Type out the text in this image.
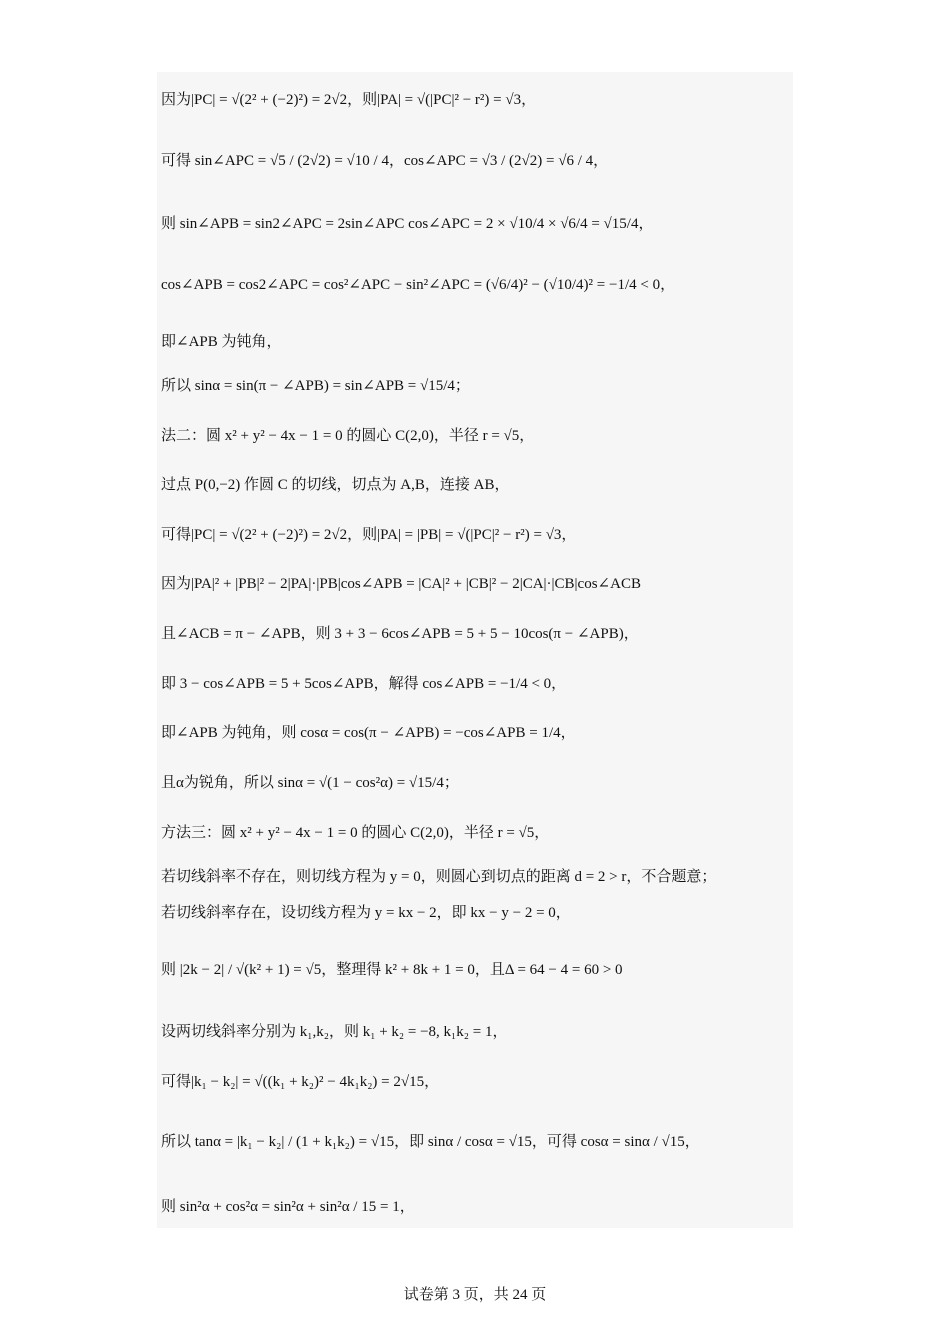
因为|PC| = √(2² + (−2)²) = 2√2，则|PA| = √(|PC|² − r²) = √3，
可得 sin∠APC = √5 / (2√2) = √10 / 4，cos∠APC = √3 / (2√2) = √6 / 4，
则 sin∠APB = sin2∠APC = 2sin∠APC cos∠APC = 2 × √10/4 × √6/4 = √15/4，
cos∠APB = cos2∠APC = cos²∠APC − sin²∠APC = (√6/4)² − (√10/4)² = −1/4 < 0，
即∠APB 为钝角，
所以 sinα = sin(π − ∠APB) = sin∠APB = √15/4；
法二：圆 x² + y² − 4x − 1 = 0 的圆心 C(2,0)，半径 r = √5，
过点 P(0,−2) 作圆 C 的切线，切点为 A,B，连接 AB，
可得|PC| = √(2² + (−2)²) = 2√2，则|PA| = |PB| = √(|PC|² − r²) = √3，
因为|PA|² + |PB|² − 2|PA|·|PB|cos∠APB = |CA|² + |CB|² − 2|CA|·|CB|cos∠ACB
且∠ACB = π − ∠APB，则 3 + 3 − 6cos∠APB = 5 + 5 − 10cos(π − ∠APB)，
即 3 − cos∠APB = 5 + 5cos∠APB，解得 cos∠APB = −1/4 < 0，
即∠APB 为钝角，则 cosα = cos(π − ∠APB) = −cos∠APB = 1/4，
且α为锐角，所以 sinα = √(1 − cos²α) = √15/4；
方法三：圆 x² + y² − 4x − 1 = 0 的圆心 C(2,0)，半径 r = √5，
若切线斜率不存在，则切线方程为 y = 0，则圆心到切点的距离 d = 2 > r，不合题意；
若切线斜率存在，设切线方程为 y = kx − 2，即 kx − y − 2 = 0，
则 |2k − 2| / √(k² + 1) = √5，整理得 k² + 8k + 1 = 0，且Δ = 64 − 4 = 60 > 0
设两切线斜率分别为 k₁,k₂，则 k₁ + k₂ = −8, k₁k₂ = 1，
可得|k₁ − k₂| = √((k₁ + k₂)² − 4k₁k₂) = 2√15，
所以 tanα = |k₁ − k₂| / (1 + k₁k₂) = √15，即 sinα / cosα = √15，可得 cosα = sinα / √15，
则 sin²α + cos²α = sin²α + sin²α / 15 = 1，
试卷第 3 页，共 24 页
